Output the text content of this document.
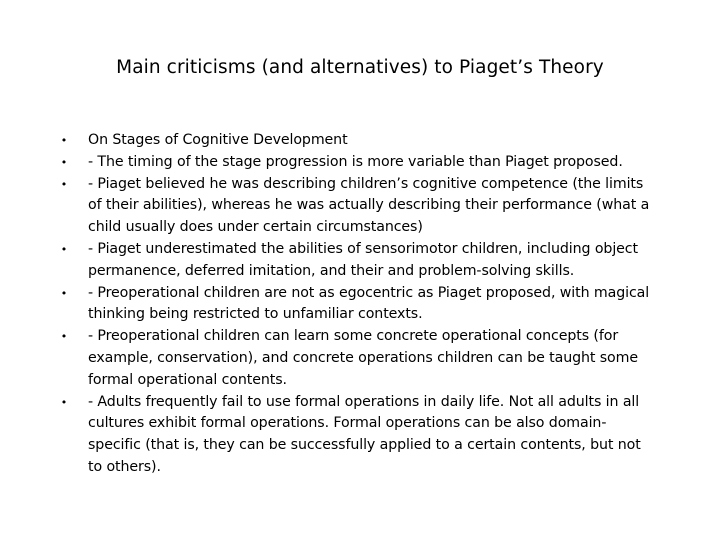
Main criticisms (and alternatives) to Piaget’s Theory
• On Stages of Cognitive Development
• - The timing of the stage progression is more variable than Piaget proposed.
• - Piaget believed he was describing children’s cognitive competence (the limits of their abilities), whereas he was actually describing their performance (what a child usually does under certain circumstances)
• - Piaget underestimated the abilities of sensorimotor children, including object permanence, deferred imitation, and their and problem-solving skills.
• - Preoperational children are not as egocentric as Piaget proposed, with magical thinking being restricted to unfamiliar contexts.
• - Preoperational children can learn some concrete operational concepts (for example, conservation), and concrete operations children can be taught some formal operational contents.
• - Adults frequently fail to use formal operations in daily life. Not all adults in all cultures exhibit formal operations. Formal operations can be also domain-specific (that is, they can be successfully applied to a certain contents, but not to others).
